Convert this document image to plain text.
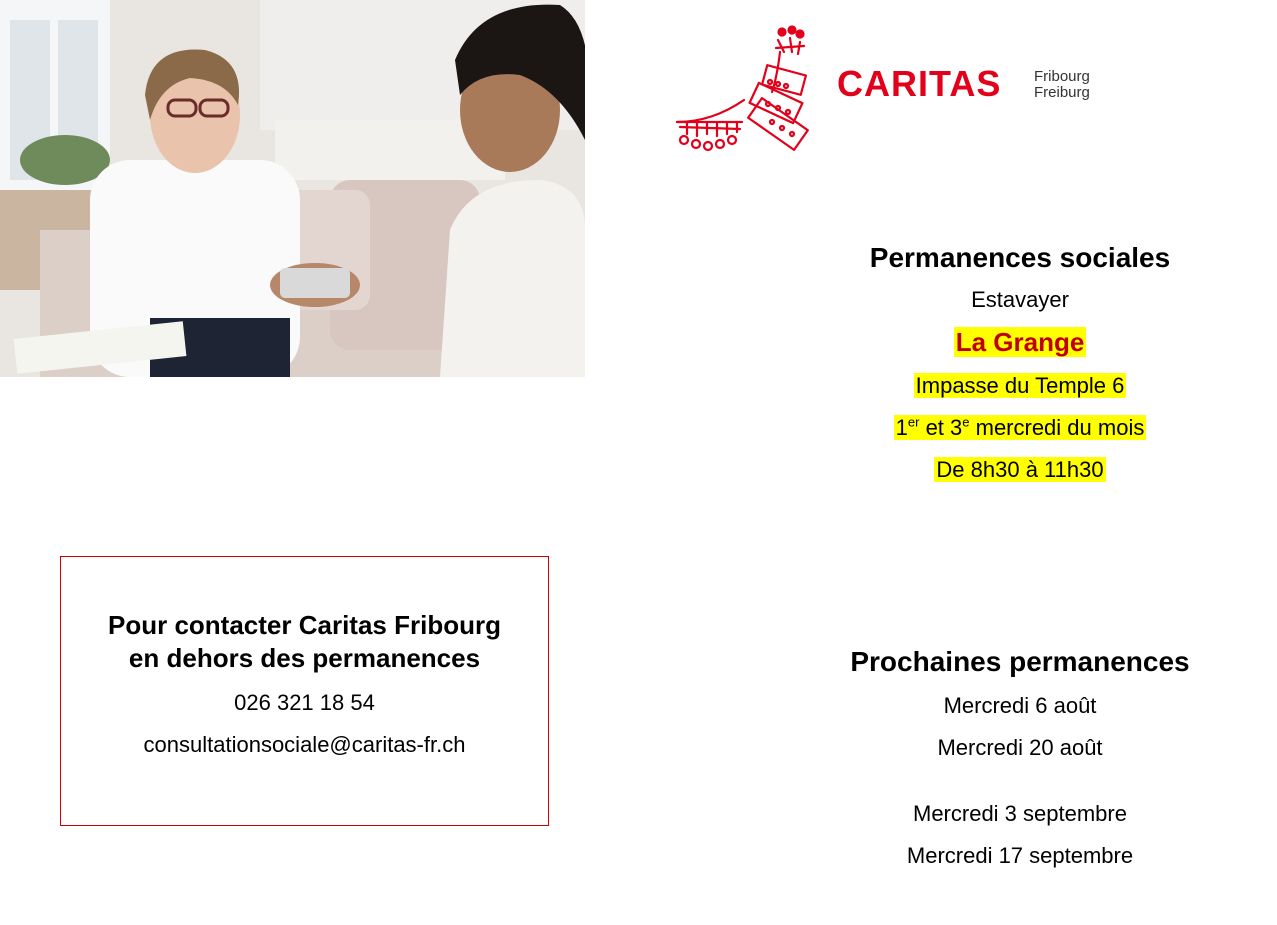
CARITAS Fribourg
Freiburg
Permanences sociales
Estavayer
La Grange
Impasse du Temple 6
1er et 3e mercredi du mois
De 8h30 à 11h30
Pour contacter Caritas Fribourg
en dehors des permanences
026 321 18 54
consultationsociale@caritas-fr.ch
Prochaines permanences
Mercredi 6 août
Mercredi 20 août
Mercredi 3 septembre
Mercredi 17 septembre
